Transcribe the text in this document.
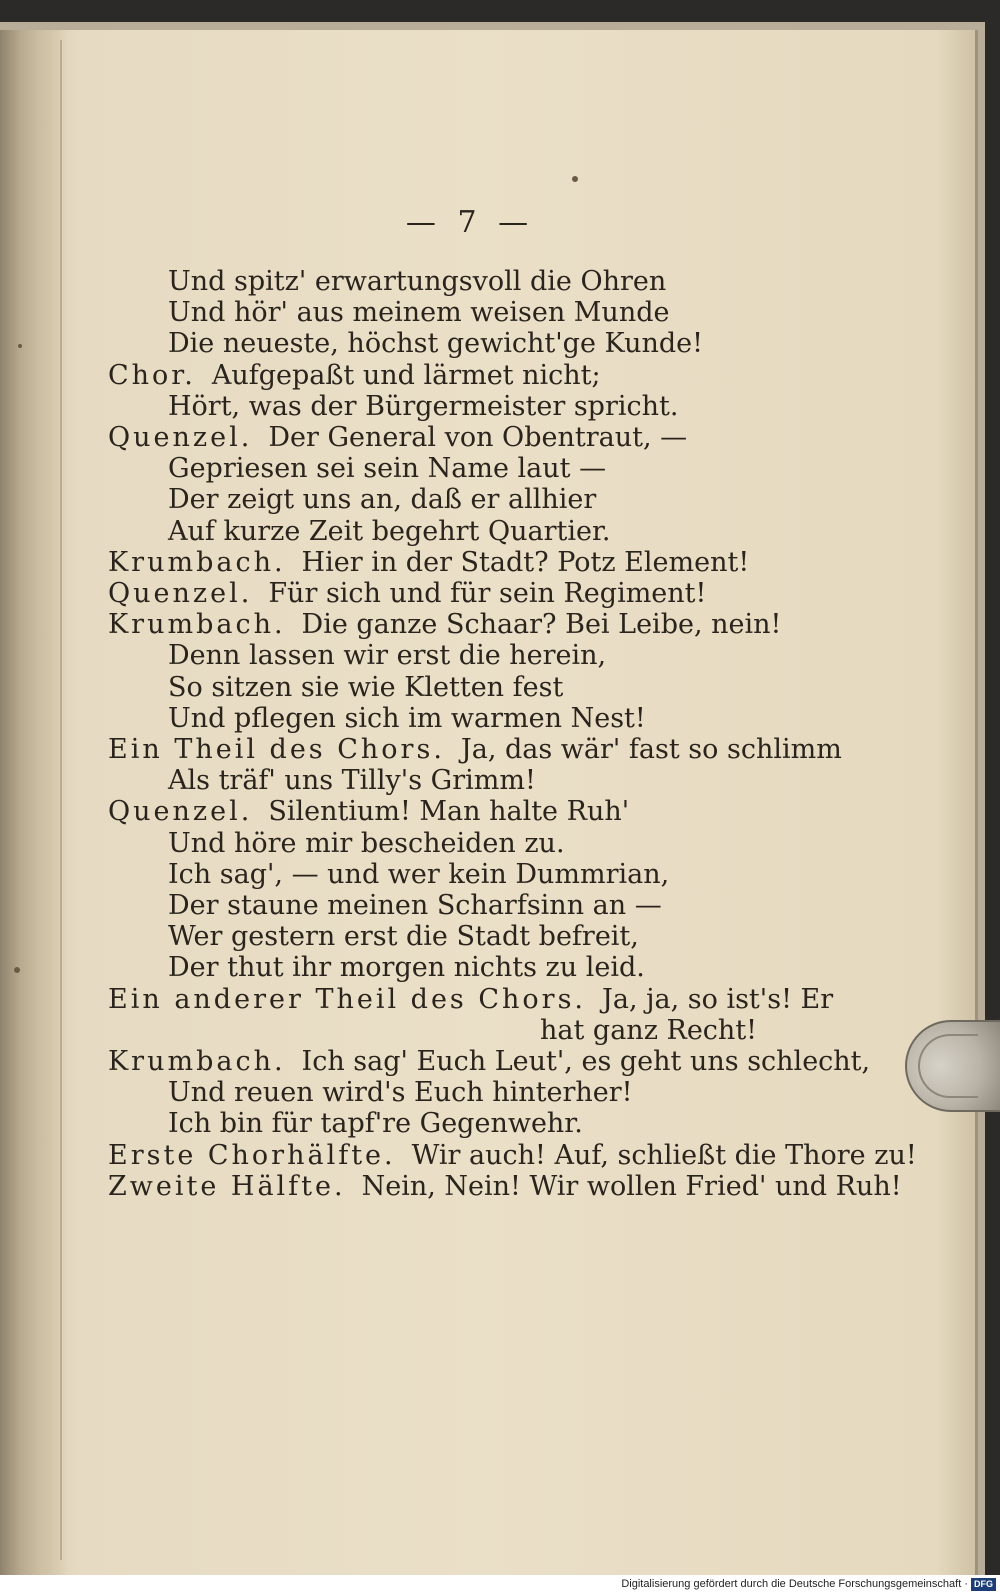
— 7 —
Und spitz' erwartungsvoll die Ohren
Und hör' aus meinem weisen Munde
Die neueste, höchst gewicht'ge Kunde!
Chor. Aufgepaßt und lärmet nicht;
Hört, was der Bürgermeister spricht.
Quenzel. Der General von Obentraut, —
Gepriesen sei sein Name laut —
Der zeigt uns an, daß er allhier
Auf kurze Zeit begehrt Quartier.
Krumbach. Hier in der Stadt? Potz Element!
Quenzel. Für sich und für sein Regiment!
Krumbach. Die ganze Schaar? Bei Leibe, nein!
Denn lassen wir erst die herein,
So sitzen sie wie Kletten fest
Und pflegen sich im warmen Nest!
Ein Theil des Chors. Ja, das wär' fast so schlimm
Als träf' uns Tilly's Grimm!
Quenzel. Silentium! Man halte Ruh'
Und höre mir bescheiden zu.
Ich sag', — und wer kein Dummrian,
Der staune meinen Scharfsinn an —
Wer gestern erst die Stadt befreit,
Der thut ihr morgen nichts zu leid.
Ein anderer Theil des Chors. Ja, ja, so ist's! Er
hat ganz Recht!
Krumbach. Ich sag' Euch Leut', es geht uns schlecht,
Und reuen wird's Euch hinterher!
Ich bin für tapf're Gegenwehr.
Erste Chorhälfte. Wir auch! Auf, schließt die Thore zu!
Zweite Hälfte. Nein, Nein! Wir wollen Fried' und Ruh!
Digitalisierung gefördert durch die Deutsche Forschungsgemeinschaft · DFG
